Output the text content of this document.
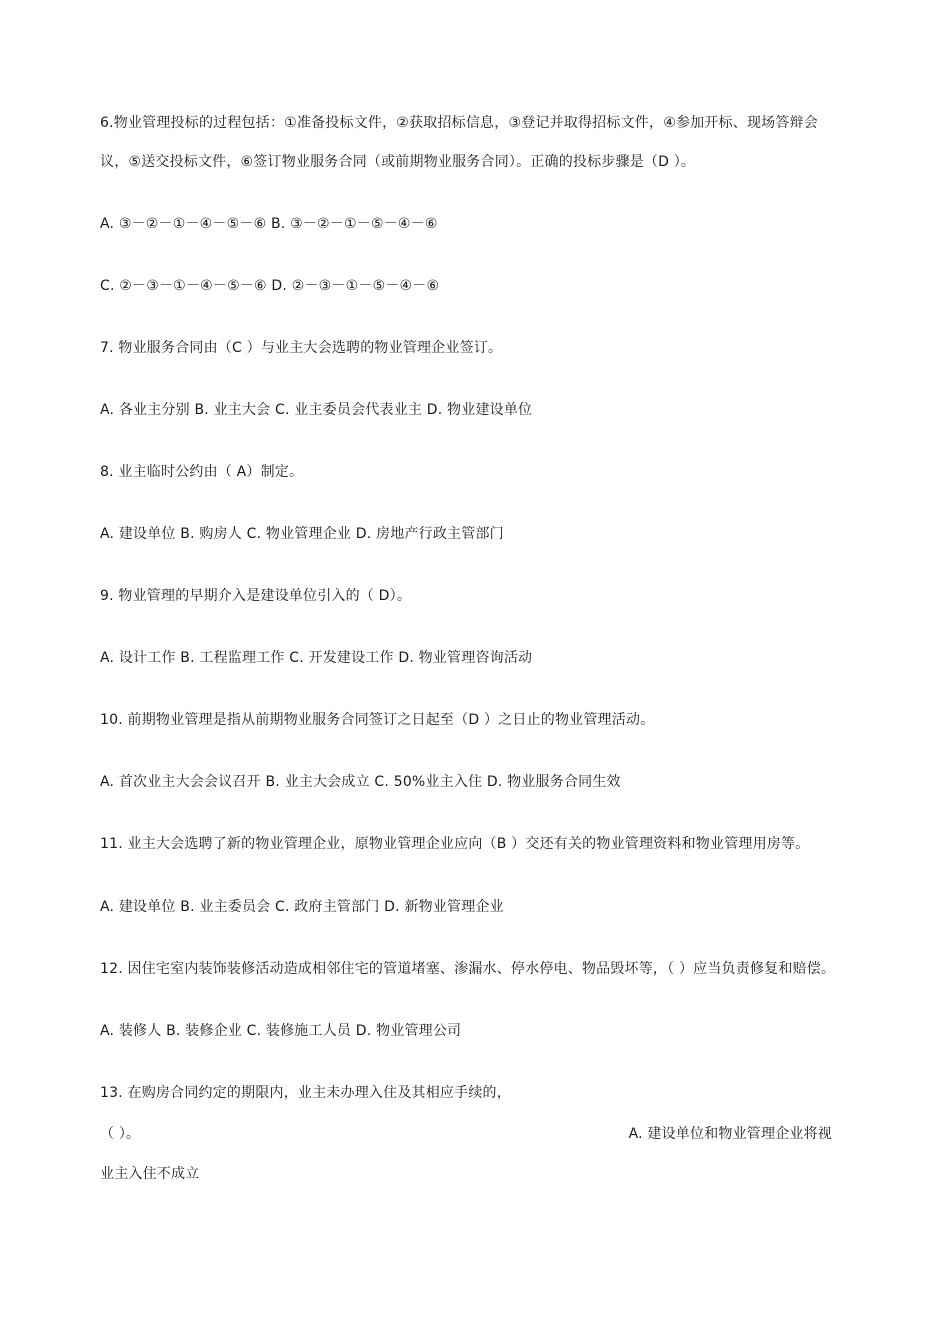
6.物业管理投标的过程包括：①准备投标文件，②获取招标信息，③登记并取得招标文件，④参加开标、现场答辩会
议，⑤送交投标文件，⑥签订物业服务合同（或前期物业服务合同）。正确的投标步骤是（D ）。
A. ③－②－①－④－⑤－⑥ B. ③－②－①－⑤－④－⑥
C. ②－③－①－④－⑤－⑥ D. ②－③－①－⑤－④－⑥
7. 物业服务合同由（C ）与业主大会选聘的物业管理企业签订。
A. 各业主分别 B. 业主大会 C. 业主委员会代表业主 D. 物业建设单位
8. 业主临时公约由（ A）制定。
A. 建设单位 B. 购房人 C. 物业管理企业 D. 房地产行政主管部门
9. 物业管理的早期介入是建设单位引入的（ D）。
A. 设计工作 B. 工程监理工作 C. 开发建设工作 D. 物业管理咨询活动
10. 前期物业管理是指从前期物业服务合同签订之日起至（D ）之日止的物业管理活动。
A. 首次业主大会会议召开 B. 业主大会成立 C. 50%业主入住 D. 物业服务合同生效
11. 业主大会选聘了新的物业管理企业，原物业管理企业应向（B ）交还有关的物业管理资料和物业管理用房等。
A. 建设单位 B. 业主委员会 C. 政府主管部门 D. 新物业管理企业
12. 因住宅室内装饰装修活动造成相邻住宅的管道堵塞、渗漏水、停水停电、物品毁坏等，（ ）应当负责修复和赔偿。
A. 装修人 B. 装修企业 C. 装修施工人员 D. 物业管理公司
13. 在购房合同约定的期限内，业主未办理入住及其相应手续的，
（ ）。	A. 建设单位和物业管理企业将视
业主入住不成立
